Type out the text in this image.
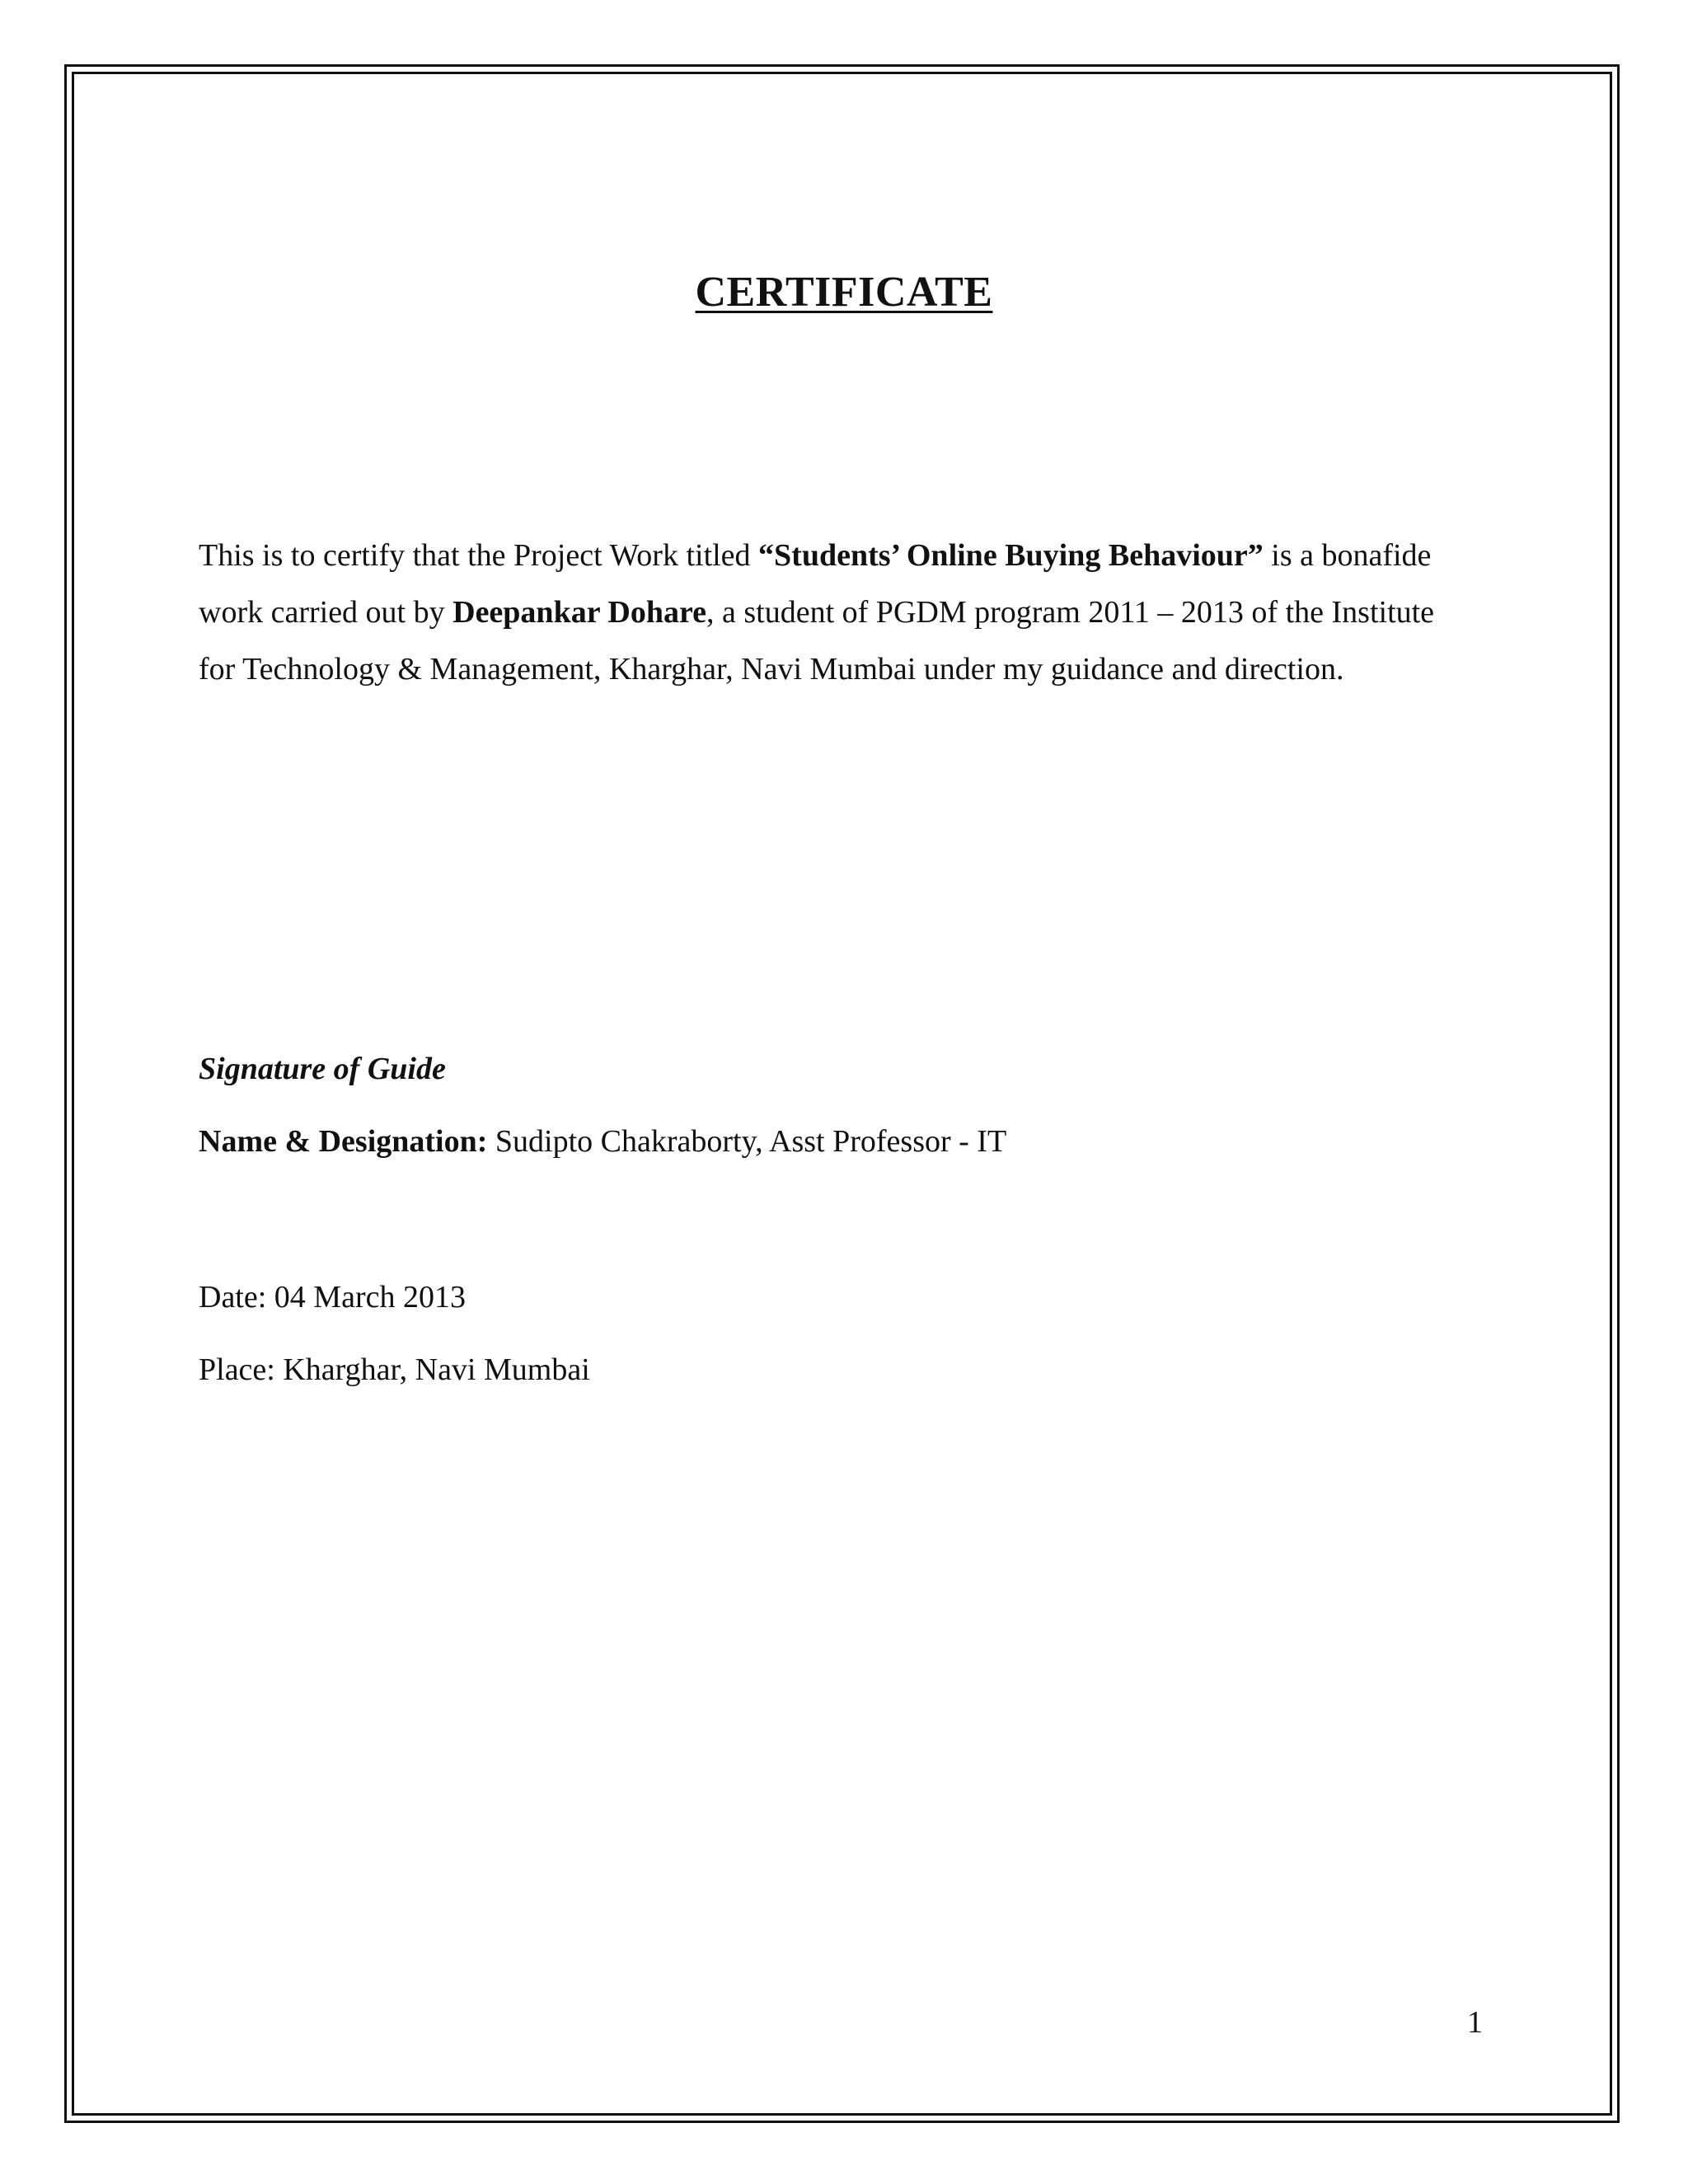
CERTIFICATE
This is to certify that the Project Work titled “Students’ Online Buying Behaviour” is a bonafide
work carried out by Deepankar Dohare, a student of PGDM program 2011 – 2013 of the Institute
for Technology & Management, Kharghar, Navi Mumbai under my guidance and direction.
Signature of Guide
Name & Designation: Sudipto Chakraborty, Asst Professor - IT
Date: 04 March 2013
Place: Kharghar, Navi Mumbai
1
